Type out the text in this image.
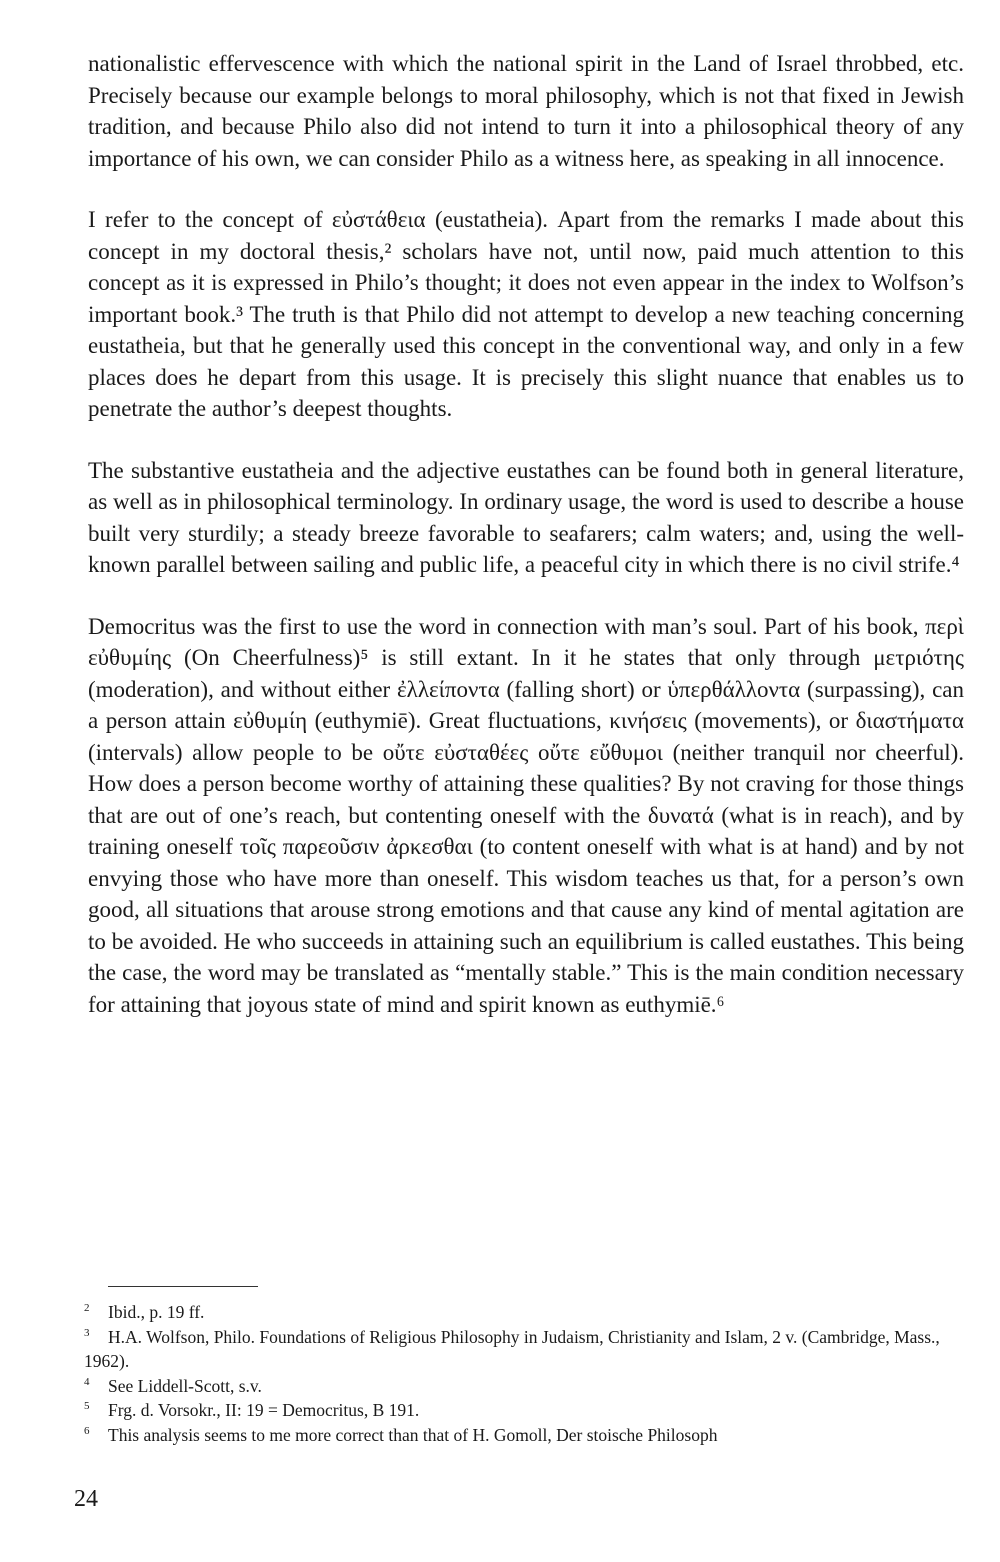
nationalistic effervescence with which the national spirit in the Land of Israel throbbed, etc. Precisely because our example belongs to moral philosophy, which is not that fixed in Jewish tradition, and because Philo also did not intend to turn it into a philosophical theory of any importance of his own, we can consider Philo as a witness here, as speaking in all innocence.

I refer to the concept of εὐστάθεια (eustatheia). Apart from the remarks I made about this concept in my doctoral thesis,² scholars have not, until now, paid much attention to this concept as it is expressed in Philo’s thought; it does not even appear in the index to Wolfson’s important book.³ The truth is that Philo did not attempt to develop a new teaching concerning eustatheia, but that he generally used this concept in the conventional way, and only in a few places does he depart from this usage. It is precisely this slight nuance that enables us to penetrate the author’s deepest thoughts.

The substantive eustatheia and the adjective eustathes can be found both in general literature, as well as in philosophical terminology. In ordinary usage, the word is used to describe a house built very sturdily; a steady breeze favorable to seafarers; calm waters; and, using the well-known parallel between sailing and public life, a peaceful city in which there is no civil strife.⁴

Democritus was the first to use the word in connection with man’s soul. Part of his book, περὶ εὐθυμίης (On Cheerfulness)⁵ is still extant. In it he states that only through μετριότης (moderation), and without either ἐλλείποντα (falling short) or ὑπερθάλλοντα (surpassing), can a person attain εὐθυμίη (euthymiē). Great fluctuations, κινήσεις (movements), or διαστήματα (intervals) allow people to be οὔτε εὐσταθέες οὔτε εὔθυμοι (neither tranquil nor cheerful). How does a person become worthy of attaining these qualities? By not craving for those things that are out of one’s reach, but contenting oneself with the δυνατά (what is in reach), and by training oneself τοῖς παρεοῦσιν ἀρκεσθαι (to content oneself with what is at hand) and by not envying those who have more than oneself. This wisdom teaches us that, for a person’s own good, all situations that arouse strong emotions and that cause any kind of mental agitation are to be avoided. He who succeeds in attaining such an equilibrium is called eustathes. This being the case, the word may be translated as “mentally stable.” This is the main condition necessary for attaining that joyous state of mind and spirit known as euthymiē.⁶

2 Ibid., p. 19 ff.

3 H.A. Wolfson, Philo. Foundations of Religious Philosophy in Judaism, Christianity and Islam, 2 v. (Cambridge, Mass., 1962).

4 See Liddell-Scott, s.v.

5 Frg. d. Vorsokr., II: 19 = Democritus, B 191.

6 This analysis seems to me more correct than that of H. Gomoll, Der stoische Philosoph

24
